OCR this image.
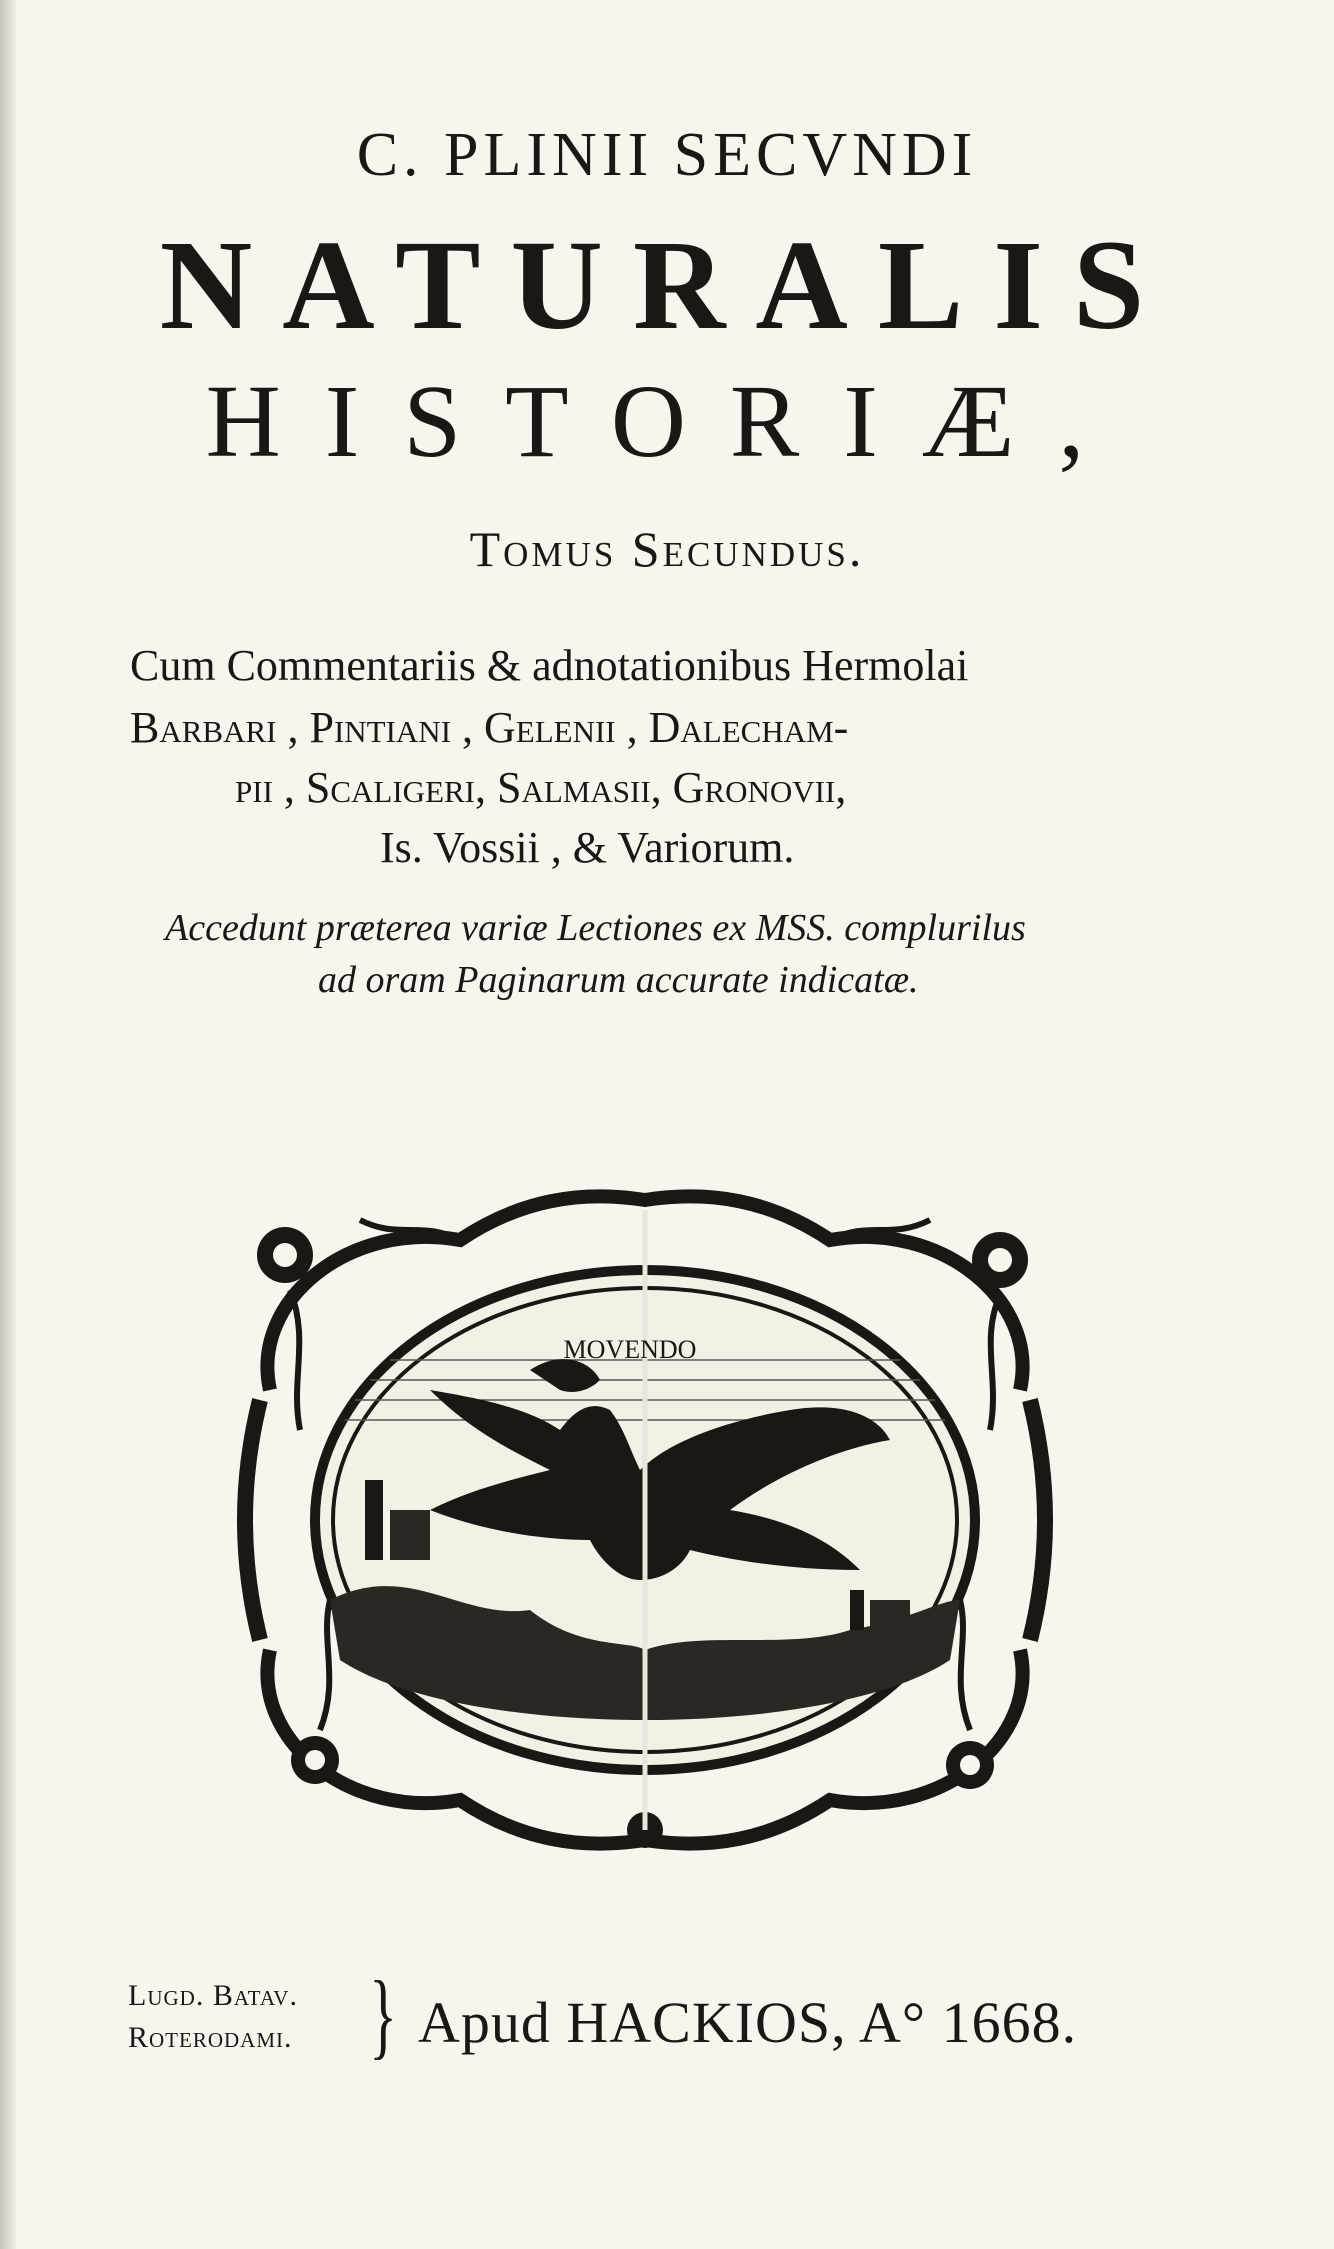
C. PLINII SECVNDI
NATURALIS
HISTORIÆ,
Tomus Secundus.
Cum Commentariis & adnotationibus Hermolai
Barbari , Pintiani , Gelenii , Dalecham-
pii , Scaligeri, Salmasii, Gronovii,
Is. Vossii , & Variorum.
Accedunt præterea variæ Lectiones ex MSS. complurilus
ad oram Paginarum accurate indicatæ.
MOVENDO
Lugd. Batav.
Roterodami. } Apud HACKIOS, A° 1668.
